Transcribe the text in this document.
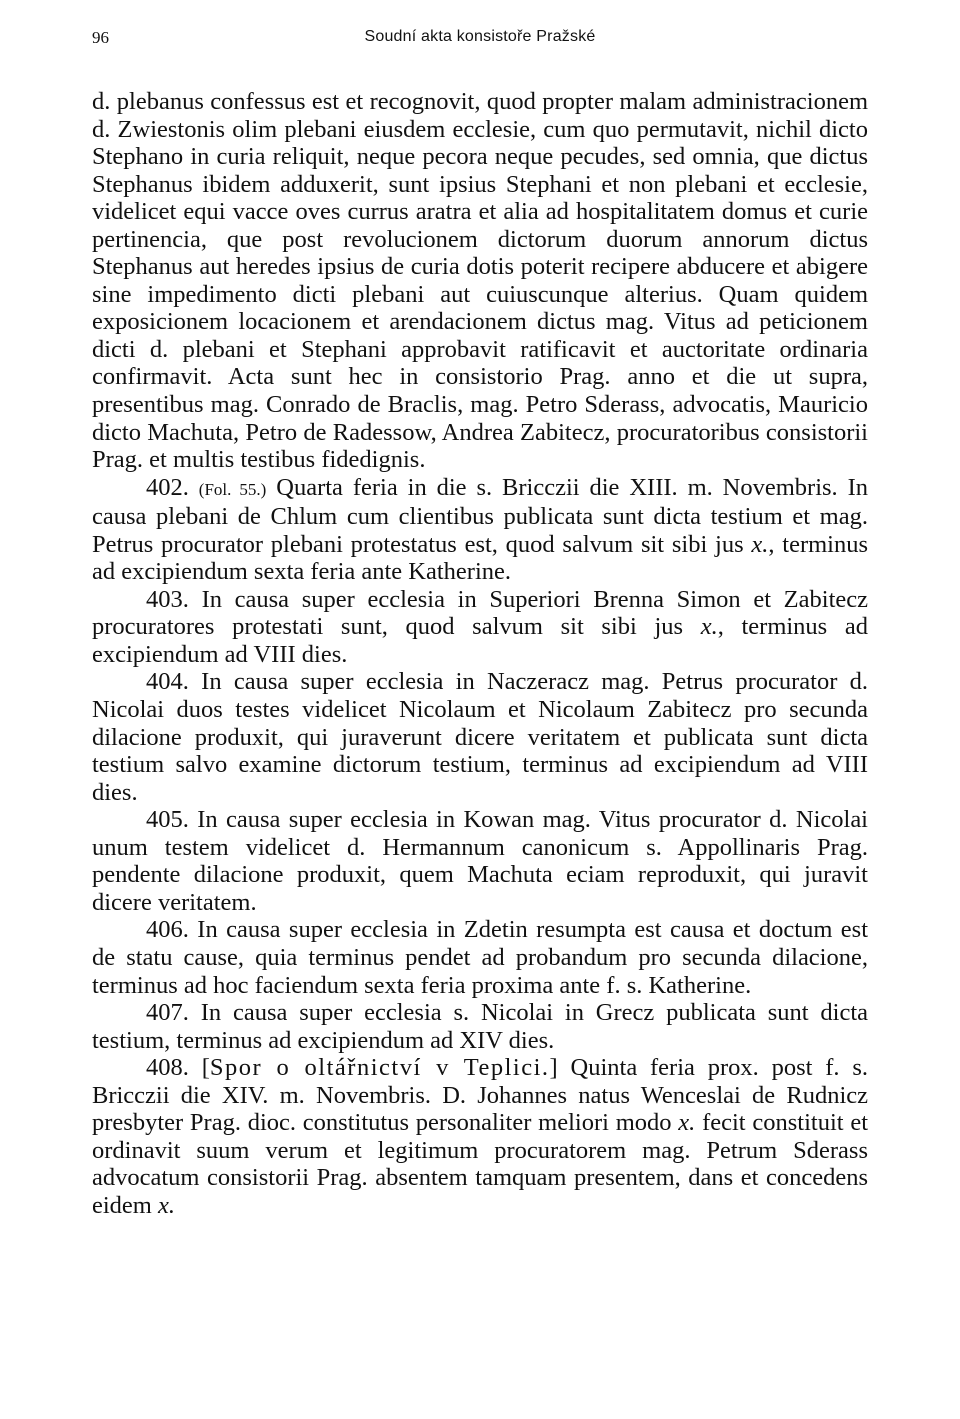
96	Soudní akta konsistoře Pražské

d. plebanus confessus est et recognovit, quod propter malam administracionem d. Zwiestonis olim plebani eiusdem ecclesie, cum quo permutavit, nichil dicto Stephano in curia reliquit, neque pecora neque pecudes, sed omnia, que dictus Stephanus ibidem adduxerit, sunt ipsius Stephani et non plebani et ecclesie, videlicet equi vacce oves currus aratra et alia ad hospitalitatem domus et curie pertinencia, que post revolucionem dictorum duorum annorum dictus Stephanus aut heredes ipsius de curia dotis poterit recipere abducere et abigere sine impedimento dicti plebani aut cuiuscunque alterius. Quam quidem exposicionem locacionem et arendacionem dictus mag. Vitus ad peticionem dicti d. plebani et Stephani approbavit ratificavit et auctoritate ordinaria confirmavit. Acta sunt hec in consistorio Prag. anno et die ut supra, presentibus mag. Conrado de Braclis, mag. Petro Sderass, advocatis, Mauricio dicto Machuta, Petro de Radessow, Andrea Zabitecz, procuratoribus consistorii Prag. et multis testibus fidedignis.

402. (Fol. 55.) Quarta feria in die s. Bricczii die XIII. m. Novembris. In causa plebani de Chlum cum clientibus publicata sunt dicta testium et mag. Petrus procurator plebani protestatus est, quod salvum sit sibi jus x., terminus ad excipiendum sexta feria ante Katherine.

403. In causa super ecclesia in Superiori Brenna Simon et Zabitecz procuratores protestati sunt, quod salvum sit sibi jus x., terminus ad excipiendum ad VIII dies.

404. In causa super ecclesia in Naczeracz mag. Petrus procurator d. Nicolai duos testes videlicet Nicolaum et Nicolaum Zabitecz pro secunda dilacione produxit, qui juraverunt dicere veritatem et publicata sunt dicta testium salvo examine dictorum testium, terminus ad excipiendum ad VIII dies.

405. In causa super ecclesia in Kowan mag. Vitus procurator d. Nicolai unum testem videlicet d. Hermannum canonicum s. Appollinaris Prag. pendente dilacione produxit, quem Machuta eciam reproduxit, qui juravit dicere veritatem.

406. In causa super ecclesia in Zdetin resumpta est causa et doctum est de statu cause, quia terminus pendet ad probandum pro secunda dilacione, terminus ad hoc faciendum sexta feria proxima ante f. s. Katherine.

407. In causa super ecclesia s. Nicolai in Grecz publicata sunt dicta testium, terminus ad excipiendum ad XIV dies.

408. [Spor o oltářnictví v Teplici.] Quinta feria prox. post f. s. Bricczii die XIV. m. Novembris. D. Johannes natus Wenceslai de Rudnicz presbyter Prag. dioc. constitutus personaliter meliori modo x. fecit constituit et ordinavit suum verum et legitimum procuratorem mag. Petrum Sderass advocatum consistorii Prag. absentem tamquam presentem, dans et concedens eidem x.
